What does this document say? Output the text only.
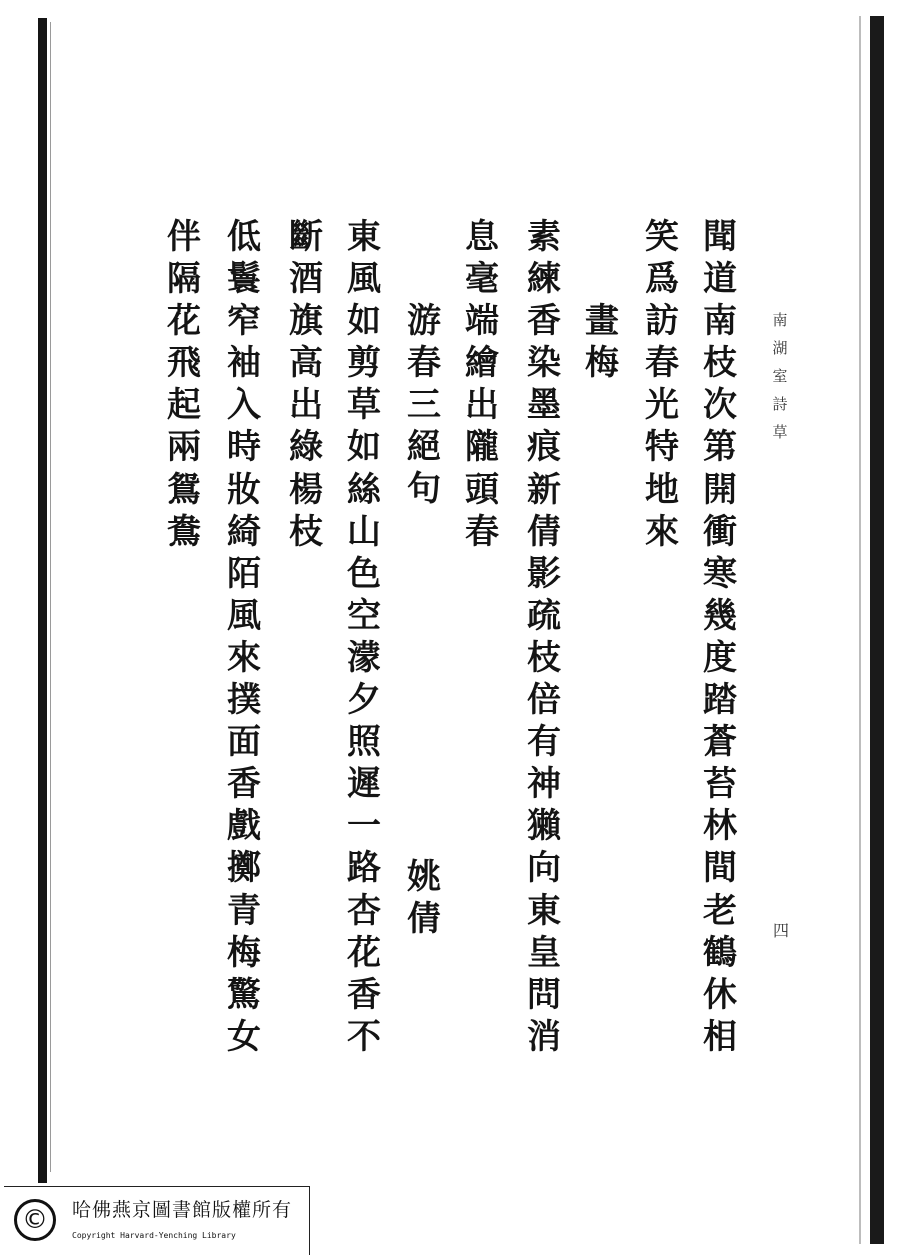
南
湖
室
詩
草
四
聞
道
南
枝
次
第
開
衝
寒
幾
度
踏
蒼
苔
林
間
老
鶴
休
相
笑
爲
訪
春
光
特
地
來
畫
梅
素
練
香
染
墨
痕
新
倩
影
疏
枝
倍
有
神
獺
向
東
皇
問
消
息
毫
端
繪
出
隴
頭
春
游
春
三
絕
句
姚
倩
東
風
如
剪
草
如
絲
山
色
空
濛
夕
照
遲
一
路
杏
花
香
不
斷
酒
旗
高
出
綠
楊
枝
低
鬟
窄
袖
入
時
妝
綺
陌
風
來
撲
面
香
戲
擲
青
梅
驚
女
伴
隔
花
飛
起
兩
鴛
鴦
©	哈佛燕京圖書館版權所有
Copyright Harvard-Yenching Library
